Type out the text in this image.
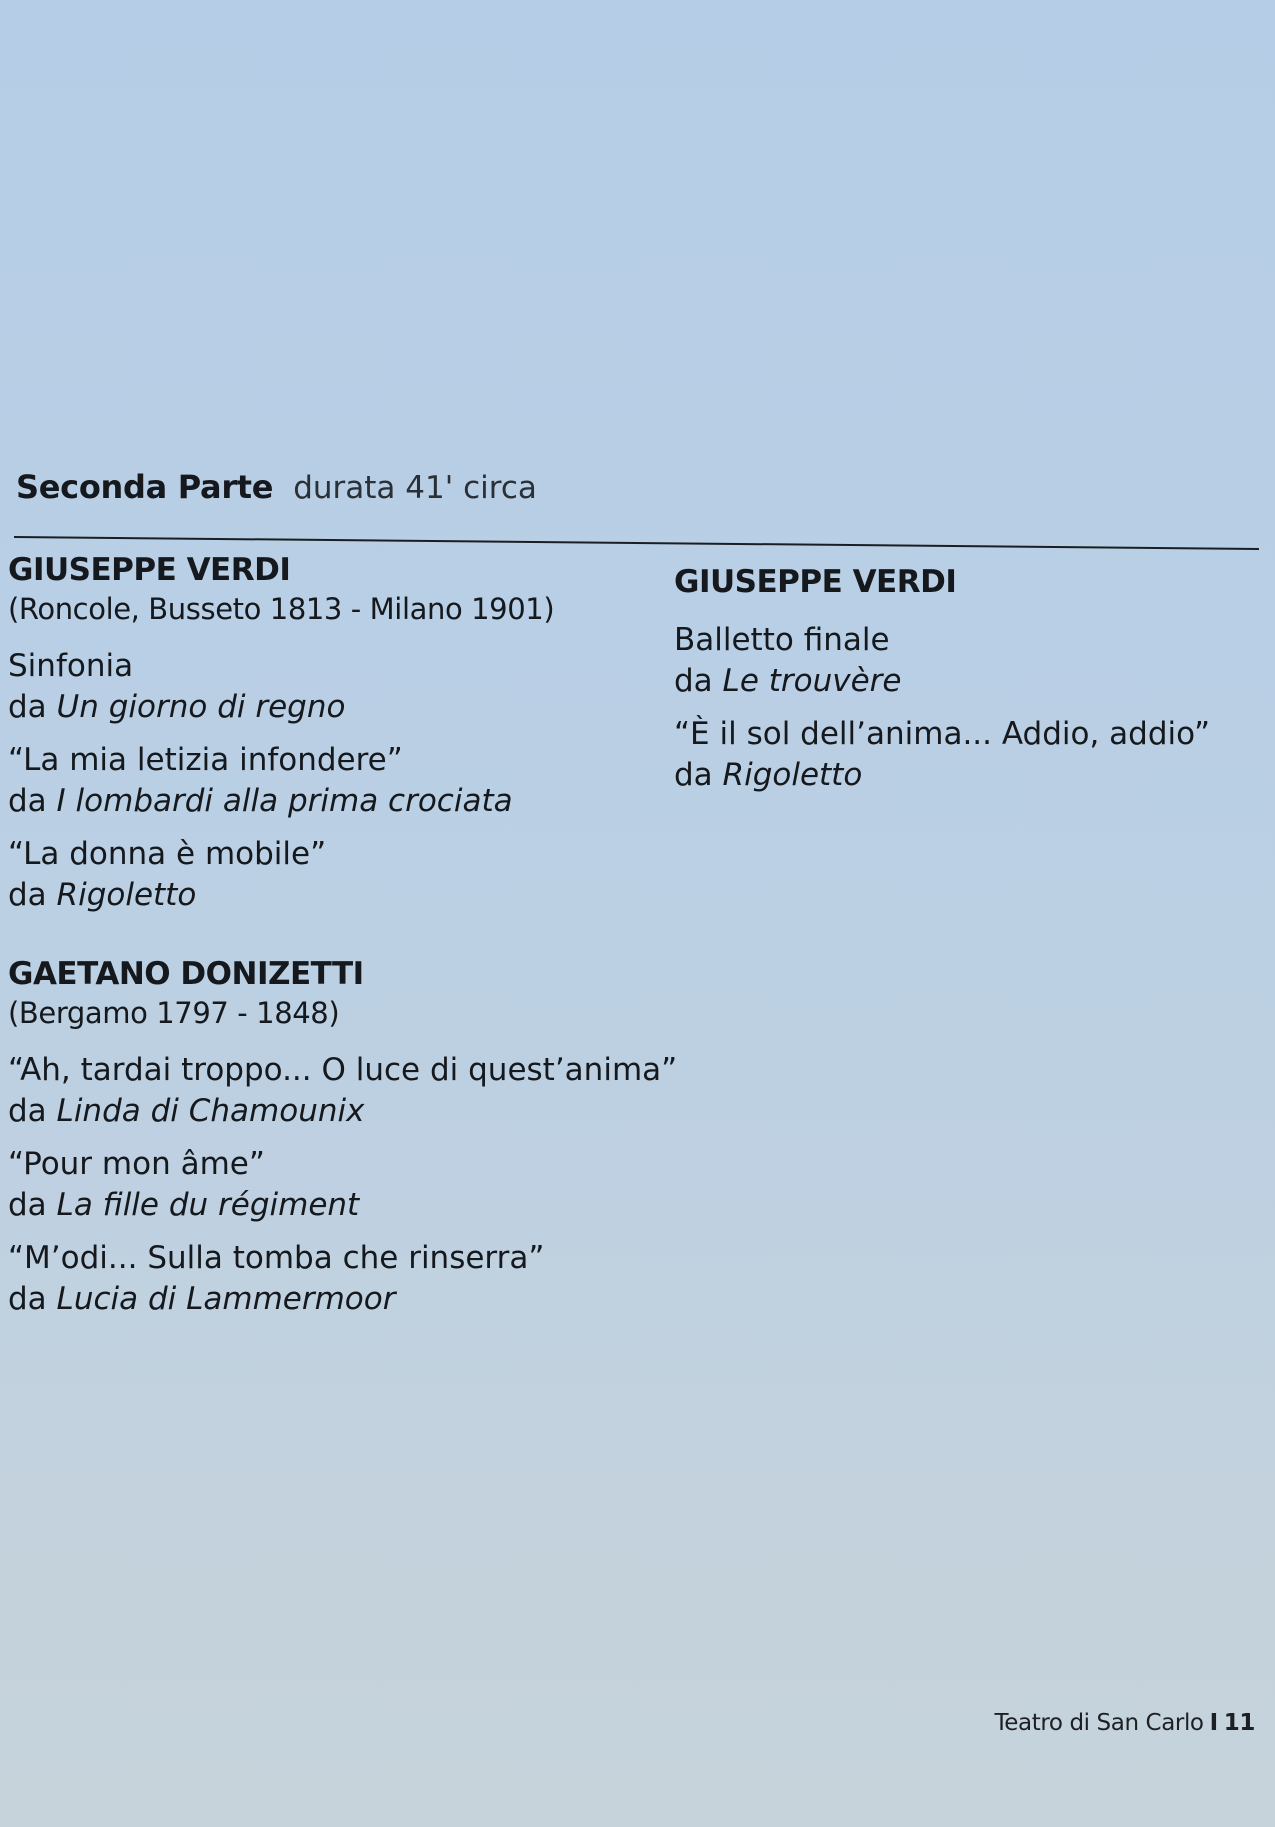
Seconda Parte durata 41' circa
GIUSEPPE VERDI
(Roncole, Busseto 1813 - Milano 1901)
Sinfonia
da Un giorno di regno
“La mia letizia infondere”
da I lombardi alla prima crociata
“La donna è mobile”
da Rigoletto
GAETANO DONIZETTI
(Bergamo 1797 - 1848)
“Ah, tardai troppo... O luce di quest’anima”
da Linda di Chamounix
“Pour mon âme”
da La fille du régiment
“M’odi... Sulla tomba che rinserra”
da Lucia di Lammermoor
GIUSEPPE VERDI
Balletto finale
da Le trouvère
“È il sol dell’anima... Addio, addio”
da Rigoletto
Teatro di San Carlo I 11
